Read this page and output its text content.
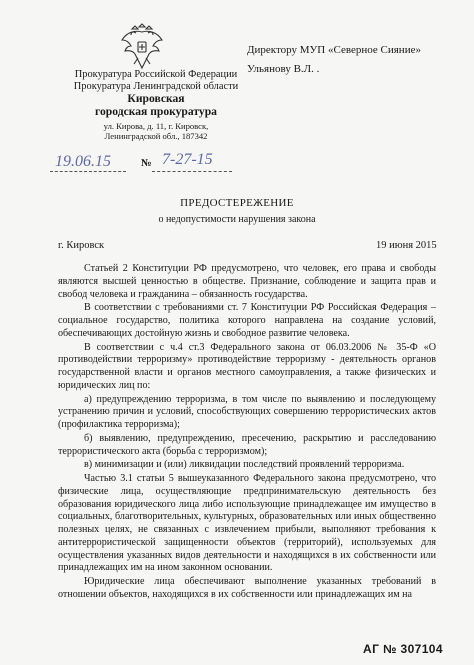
Прокуратура Российской Федерации
Прокуратура Ленинградской области
Кировская
городская прокуратура
ул. Кирова, д. 11, г. Кировск,
Ленинградской обл., 187342
Директору МУП «Северное Сияние»
Ульянову В.Л. .
19.06.15	№ 7-27-15
ПРЕДОСТЕРЕЖЕНИЕ
о недопустимости нарушения закона
г. Кировск	19 июня 2015

Статьей 2 Конституции РФ предусмотрено, что человек, его права и свободы являются высшей ценностью в обществе. Признание, соблюдение и защита прав и свобод человека и гражданина – обязанность государства.

В соответствии с требованиями ст. 7 Конституции РФ Российская Федерация – социальное государство, политика которого направлена на создание условий, обеспечивающих достойную жизнь и свободное развитие человека.

В соответствии с ч.4 ст.3 Федерального закона от 06.03.2006 № 35-Ф «О противодействии терроризму» противодействие терроризму - деятельность органов государственной власти и органов местного самоуправления, а также физических и юридических лиц по:

а) предупреждению терроризма, в том числе по выявлению и последующему устранению причин и условий, способствующих совершению террористических актов (профилактика терроризма);

б) выявлению, предупреждению, пресечению, раскрытию и расследованию террористического акта (борьба с терроризмом);

в) минимизации и (или) ликвидации последствий проявлений терроризма.

Частью 3.1 статьи 5 вышеуказанного Федерального закона предусмотрено, что физические лица, осуществляющие предпринимательскую деятельность без образования юридического лица либо использующие принадлежащее им имущество в социальных, благотворительных, культурных, образовательных или иных общественно полезных целях, не связанных с извлечением прибыли, выполняют требования к антитеррористической защищенности объектов (территорий), используемых для осуществления указанных видов деятельности и находящихся в их собственности или принадлежащих им на ином законном основании.

Юридические лица обеспечивают выполнение указанных требований в отношении объектов, находящихся в их собственности или принадлежащих им на

АГ № 307104
